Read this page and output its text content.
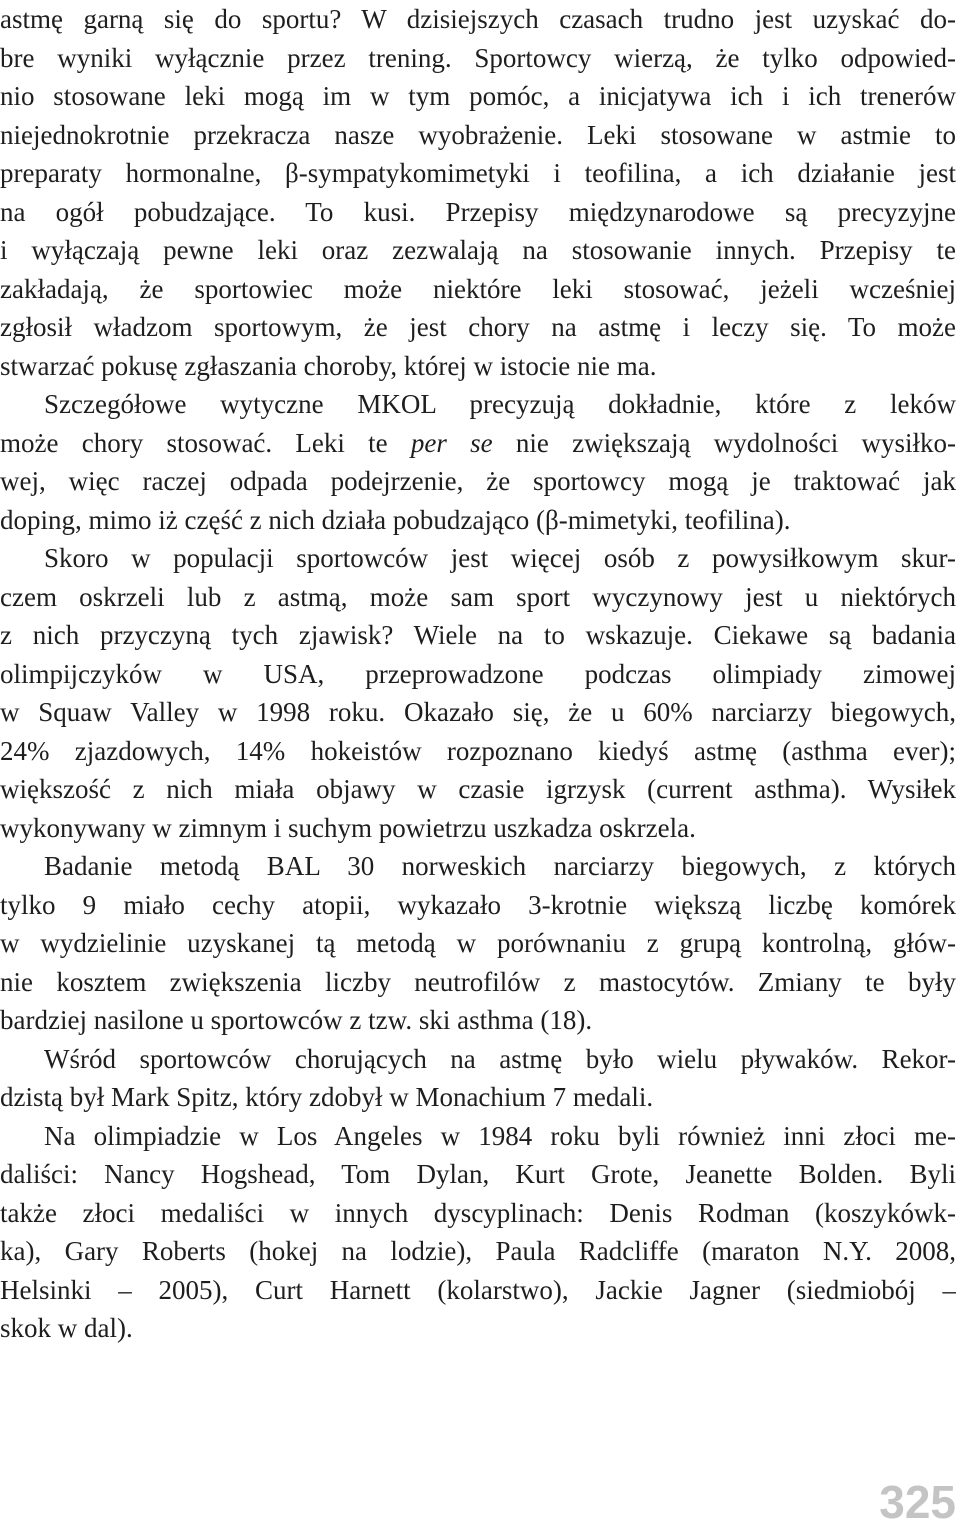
astmę garną się do sportu? W dzisiejszych czasach trudno jest uzyskać do-
bre wyniki wyłącznie przez trening. Sportowcy wierzą, że tylko odpowied-
nio stosowane leki mogą im w tym pomóc, a inicjatywa ich i ich trenerów
niejednokrotnie przekracza nasze wyobrażenie. Leki stosowane w astmie to
preparaty hormonalne, β-sympatykomimetyki i teofilina, a ich działanie jest
na ogół pobudzające. To kusi. Przepisy międzynarodowe są precyzyjne
i wyłączają pewne leki oraz zezwalają na stosowanie innych. Przepisy te
zakładają, że sportowiec może niektóre leki stosować, jeżeli wcześniej
zgłosił władzom sportowym, że jest chory na astmę i leczy się. To może
stwarzać pokusę zgłaszania choroby, której w istocie nie ma.
Szczegółowe wytyczne MKOL precyzują dokładnie, które z leków
może chory stosować. Leki te per se nie zwiększają wydolności wysiłko-
wej, więc raczej odpada podejrzenie, że sportowcy mogą je traktować jak
doping, mimo iż część z nich działa pobudzająco (β-mimetyki, teofilina).
Skoro w populacji sportowców jest więcej osób z powysiłkowym skur-
czem oskrzeli lub z astmą, może sam sport wyczynowy jest u niektórych
z nich przyczyną tych zjawisk? Wiele na to wskazuje. Ciekawe są badania
olimpijczyków w USA, przeprowadzone podczas olimpiady zimowej
w Squaw Valley w 1998 roku. Okazało się, że u 60% narciarzy biegowych,
24% zjazdowych, 14% hokeistów rozpoznano kiedyś astmę (asthma ever);
większość z nich miała objawy w czasie igrzysk (current asthma). Wysiłek
wykonywany w zimnym i suchym powietrzu uszkadza oskrzela.
Badanie metodą BAL 30 norweskich narciarzy biegowych, z których
tylko 9 miało cechy atopii, wykazało 3-krotnie większą liczbę komórek
w wydzielinie uzyskanej tą metodą w porównaniu z grupą kontrolną, głów-
nie kosztem zwiększenia liczby neutrofilów z mastocytów. Zmiany te były
bardziej nasilone u sportowców z tzw. ski asthma (18).
Wśród sportowców chorujących na astmę było wielu pływaków. Rekor-
dzistą był Mark Spitz, który zdobył w Monachium 7 medali.
Na olimpiadzie w Los Angeles w 1984 roku byli również inni złoci me-
daliści: Nancy Hogshead, Tom Dylan, Kurt Grote, Jeanette Bolden. Byli
także złoci medaliści w innych dyscyplinach: Denis Rodman (koszykówk-
ka), Gary Roberts (hokej na lodzie), Paula Radcliffe (maraton N.Y. 2008,
Helsinki – 2005), Curt Harnett (kolarstwo), Jackie Jagner (siedmiobój –
skok w dal).
325
